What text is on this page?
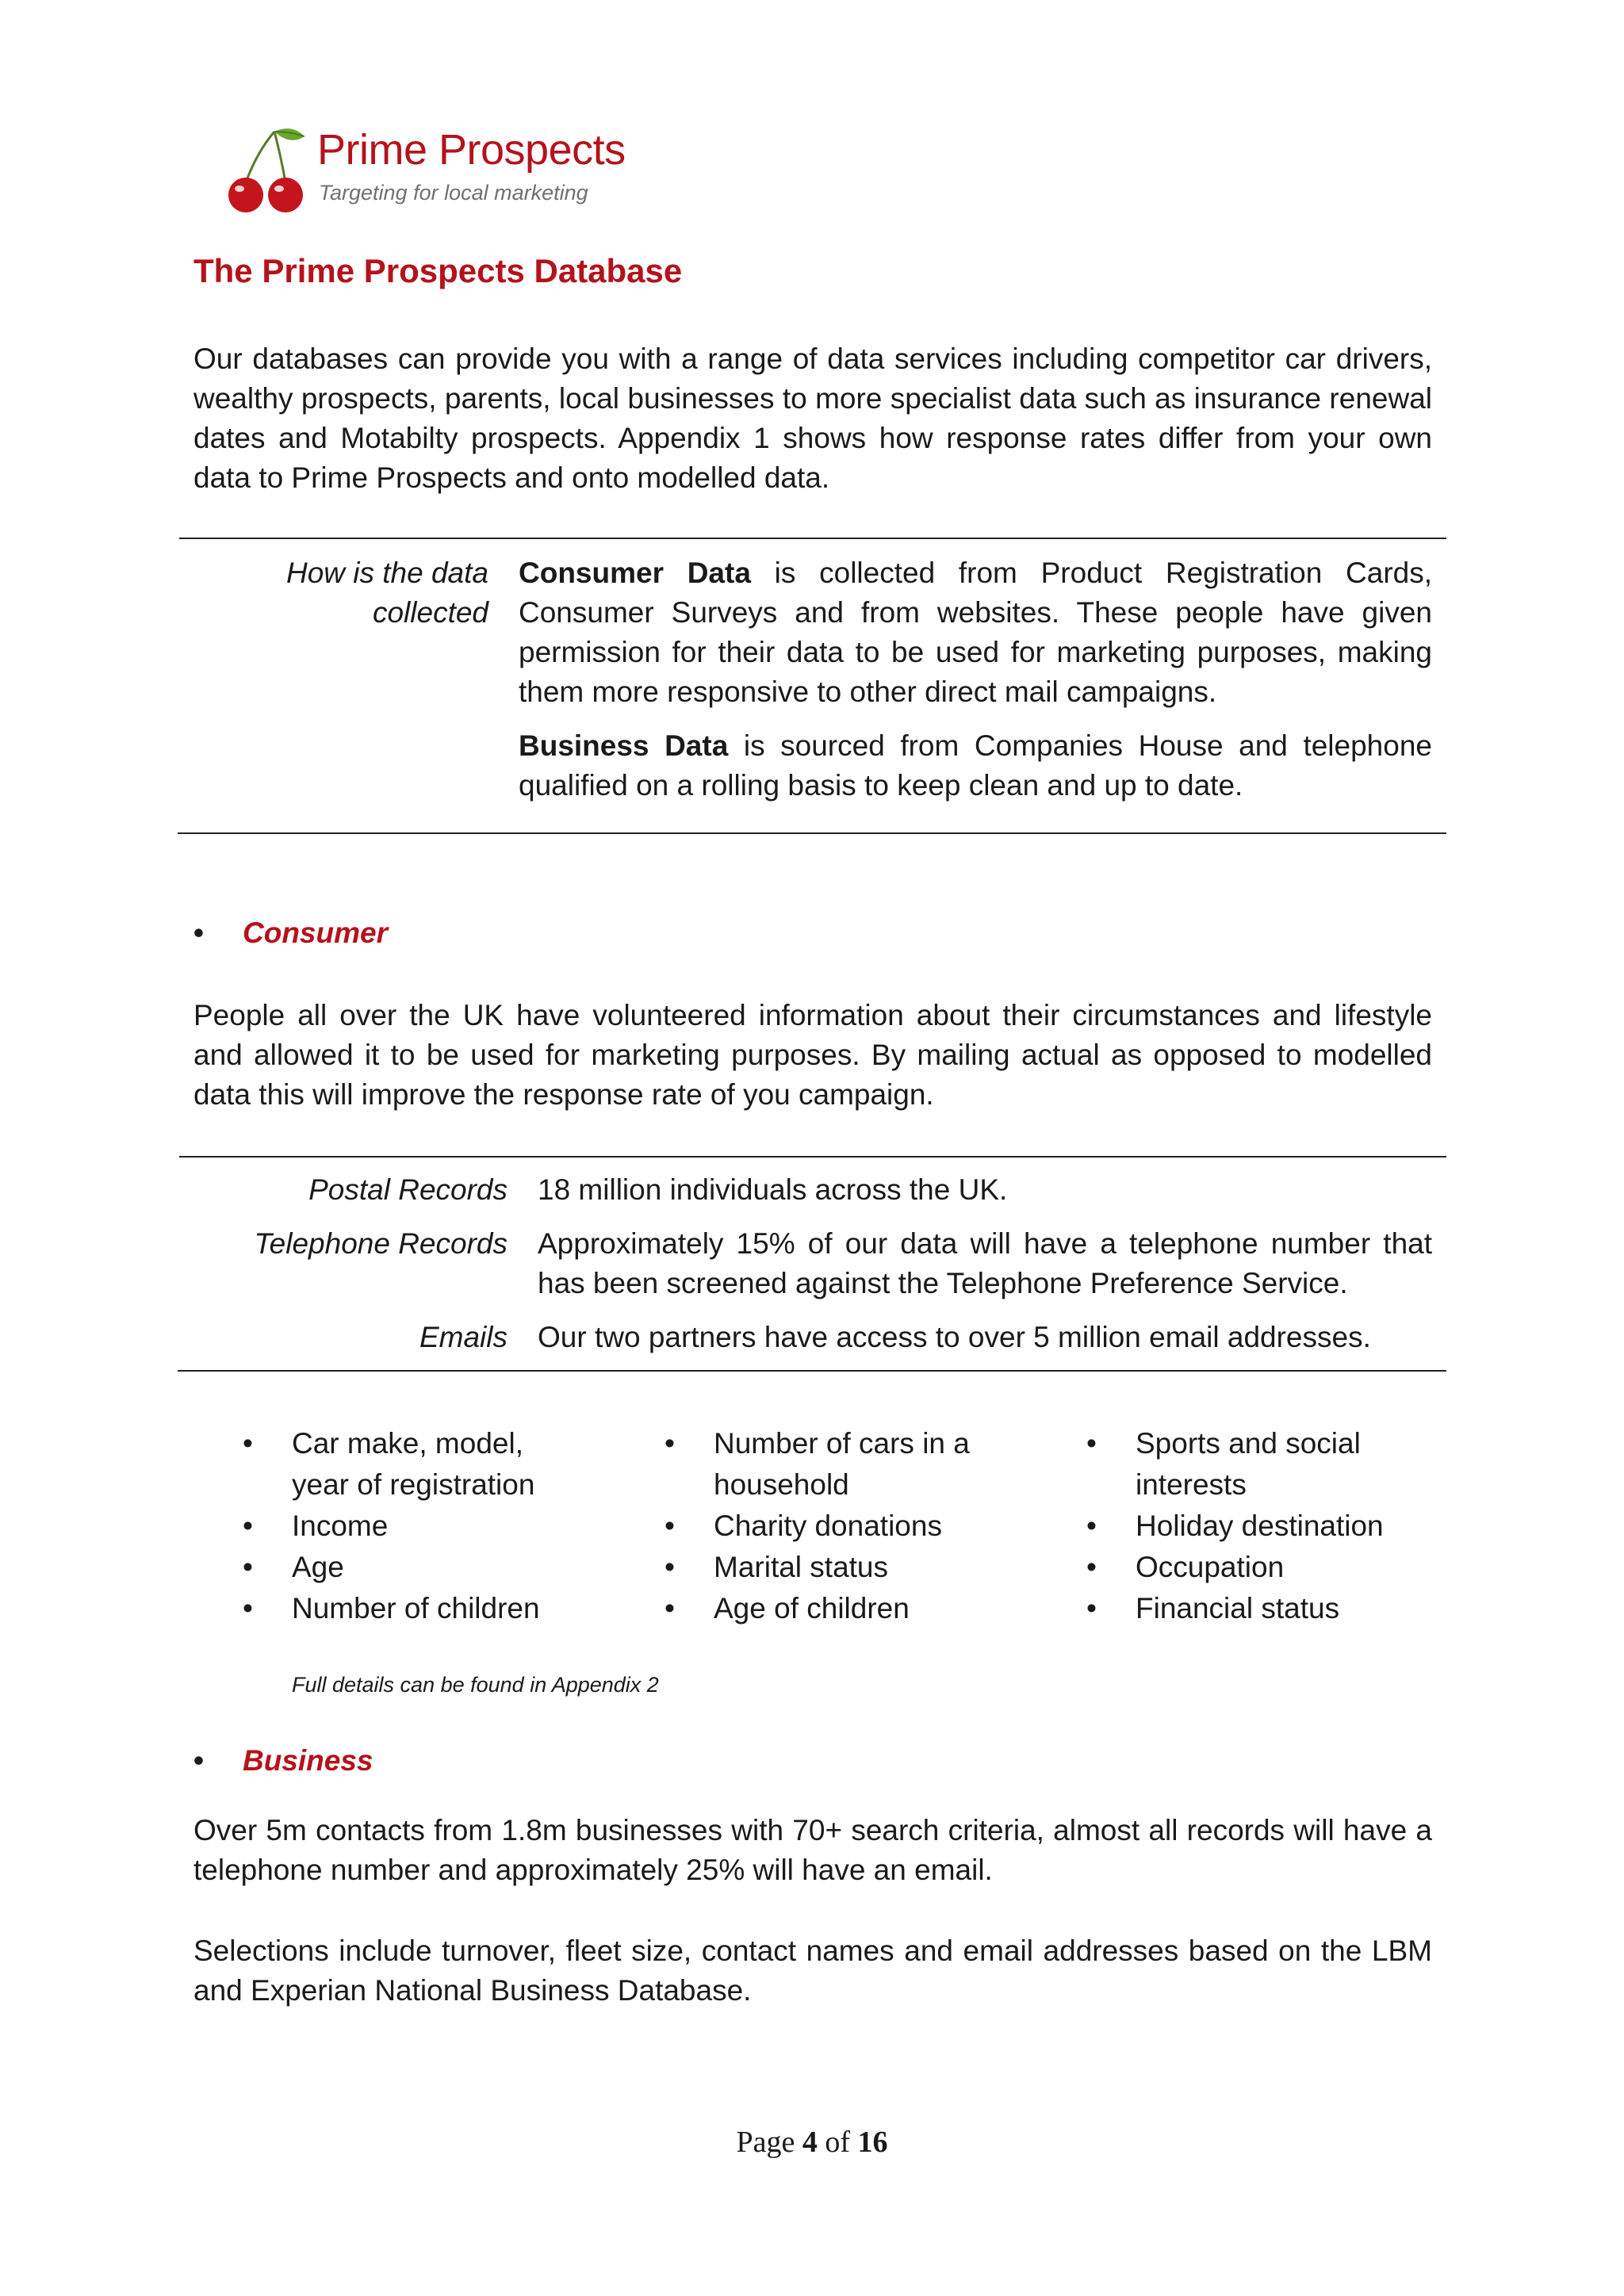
Prime Prospects
Targeting for local marketing
The Prime Prospects Database

Our databases can provide you with a range of data services including competitor car drivers, wealthy prospects, parents, local businesses to more specialist data such as insurance renewal dates and Motabilty prospects. Appendix 1 shows how response rates differ from your own data to Prime Prospects and onto modelled data.

How is the data
collected

Consumer Data is collected from Product Registration Cards, Consumer Surveys and from websites. These people have given permission for their data to be used for marketing purposes, making them more responsive to other direct mail campaigns.

Business Data is sourced from Companies House and telephone qualified on a rolling basis to keep clean and up to date.

• Consumer

People all over the UK have volunteered information about their circumstances and lifestyle and allowed it to be used for marketing purposes. By mailing actual as opposed to modelled data this will improve the response rate of you campaign.

Postal Records 18 million individuals across the UK.

Telephone Records Approximately 15% of our data will have a telephone number that has been screened against the Telephone Preference Service.

Emails Our two partners have access to over 5 million email addresses.

• Car make, model, year of registration
• Income
• Age
• Number of children
• Number of cars in a household
• Charity donations
• Marital status
• Age of children
• Sports and social interests
• Holiday destination
• Occupation
• Financial status
Full details can be found in Appendix 2
• Business

Over 5m contacts from 1.8m businesses with 70+ search criteria, almost all records will have a telephone number and approximately 25% will have an email.

Selections include turnover, fleet size, contact names and email addresses based on the LBM and Experian National Business Database.

Page 4 of 16
